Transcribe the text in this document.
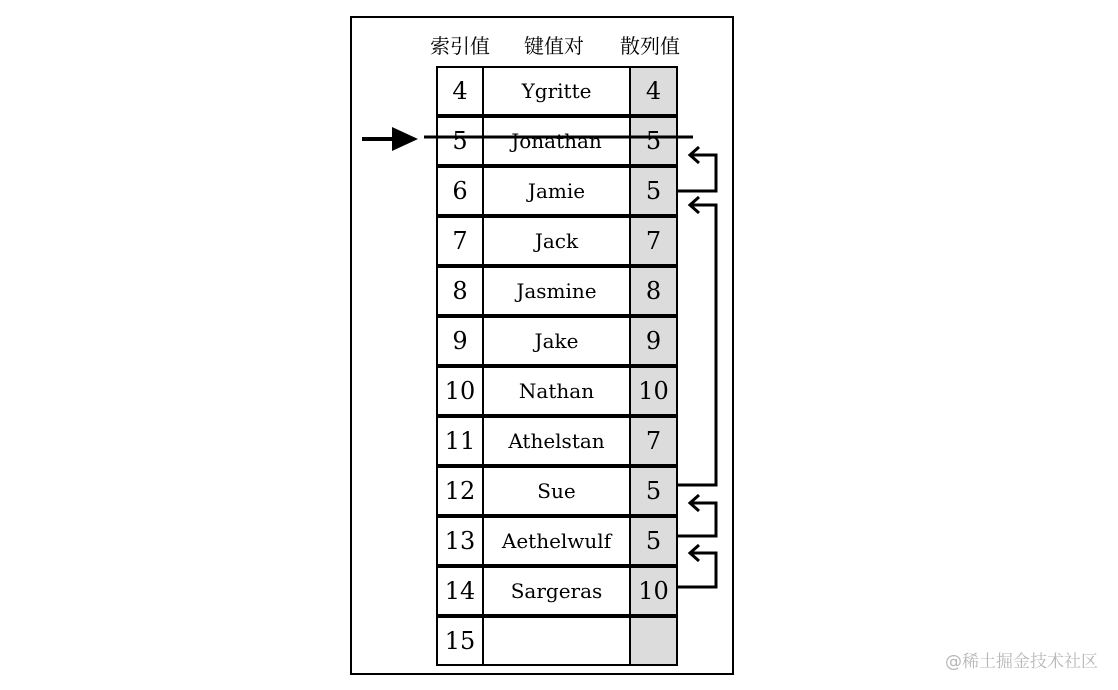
索引值 键值对 散列值
4	Ygritte	4
5	Jonathan	5
6	Jamie	5
7	Jack	7
8	Jasmine	8
9	Jake	9
10	Nathan	10
11	Athelstan	7
12	Sue	5
13	Aethelwulf	5
14	Sargeras	10
15
@稀土掘金技术社区
